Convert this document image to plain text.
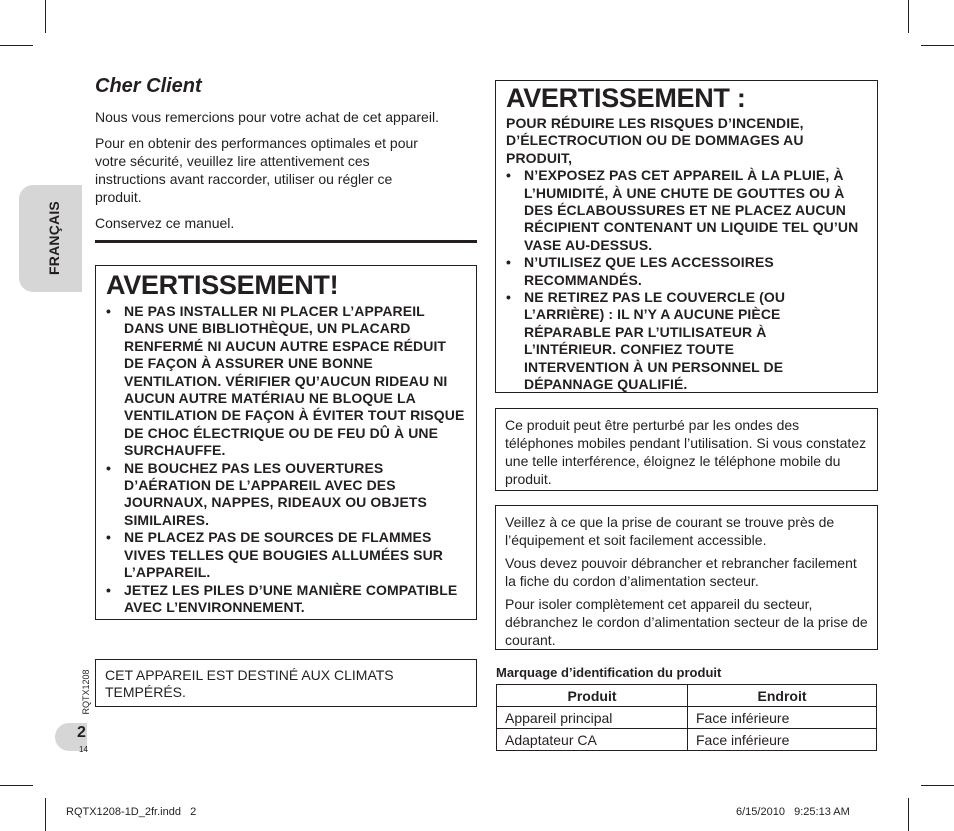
FRANÇAIS
Cher Client

Nous vous remercions pour votre achat de cet appareil.

Pour en obtenir des performances optimales et pour votre sécurité, veuillez lire attentivement ces instructions avant raccorder, utiliser ou régler ce produit.

Conservez ce manuel.

AVERTISSEMENT!
• NE PAS INSTALLER NI PLACER L’APPAREIL DANS UNE BIBLIOTHÈQUE, UN PLACARD RENFERMÉ NI AUCUN AUTRE ESPACE RÉDUIT DE FAÇON À ASSURER UNE BONNE VENTILATION. VÉRIFIER QU’AUCUN RIDEAU NI AUCUN AUTRE MATÉRIAU NE BLOQUE LA VENTILATION DE FAÇON À ÉVITER TOUT RISQUE DE CHOC ÉLECTRIQUE OU DE FEU DÛ À UNE SURCHAUFFE.
• NE BOUCHEZ PAS LES OUVERTURES D’AÉRATION DE L’APPAREIL AVEC DES JOURNAUX, NAPPES, RIDEAUX OU OBJETS SIMILAIRES.
• NE PLACEZ PAS DE SOURCES DE FLAMMES VIVES TELLES QUE BOUGIES ALLUMÉES SUR L’APPAREIL.
• JETEZ LES PILES D’UNE MANIÈRE COMPATIBLE AVEC L’ENVIRONNEMENT.
CET APPAREIL EST DESTINÉ AUX CLIMATS TEMPÉRÉS.
AVERTISSEMENT :
POUR RÉDUIRE LES RISQUES D’INCENDIE, D’ÉLECTROCUTION OU DE DOMMAGES AU PRODUIT,
• N’EXPOSEZ PAS CET APPAREIL À LA PLUIE, À L’HUMIDITÉ, À UNE CHUTE DE GOUTTES OU À DES ÉCLABOUSSURES ET NE PLACEZ AUCUN RÉCIPIENT CONTENANT UN LIQUIDE TEL QU’UN VASE AU-DESSUS.
• N’UTILISEZ QUE LES ACCESSOIRES RECOMMANDÉS.
• NE RETIREZ PAS LE COUVERCLE (OU L’ARRIÈRE) : IL N’Y A AUCUNE PIÈCE RÉPARABLE PAR L’UTILISATEUR À L’INTÉRIEUR. CONFIEZ TOUTE INTERVENTION À UN PERSONNEL DE DÉPANNAGE QUALIFIÉ.
Ce produit peut être perturbé par les ondes des téléphones mobiles pendant l’utilisation. Si vous constatez une telle interférence, éloignez le téléphone mobile du produit.

Veillez à ce que la prise de courant se trouve près de l’équipement et soit facilement accessible.

Vous devez pouvoir débrancher et rebrancher facilement la fiche du cordon d’alimentation secteur.

Pour isoler complètement cet appareil du secteur, débranchez le cordon d’alimentation secteur de la prise de courant.

Marquage d’identification du produit
Produit	Endroit
Appareil principal	Face inférieure
Adaptateur CA	Face inférieure
RQTX1208
2
14
RQTX1208-1D_2fr.indd   2	6/15/2010   9:25:13 AM
